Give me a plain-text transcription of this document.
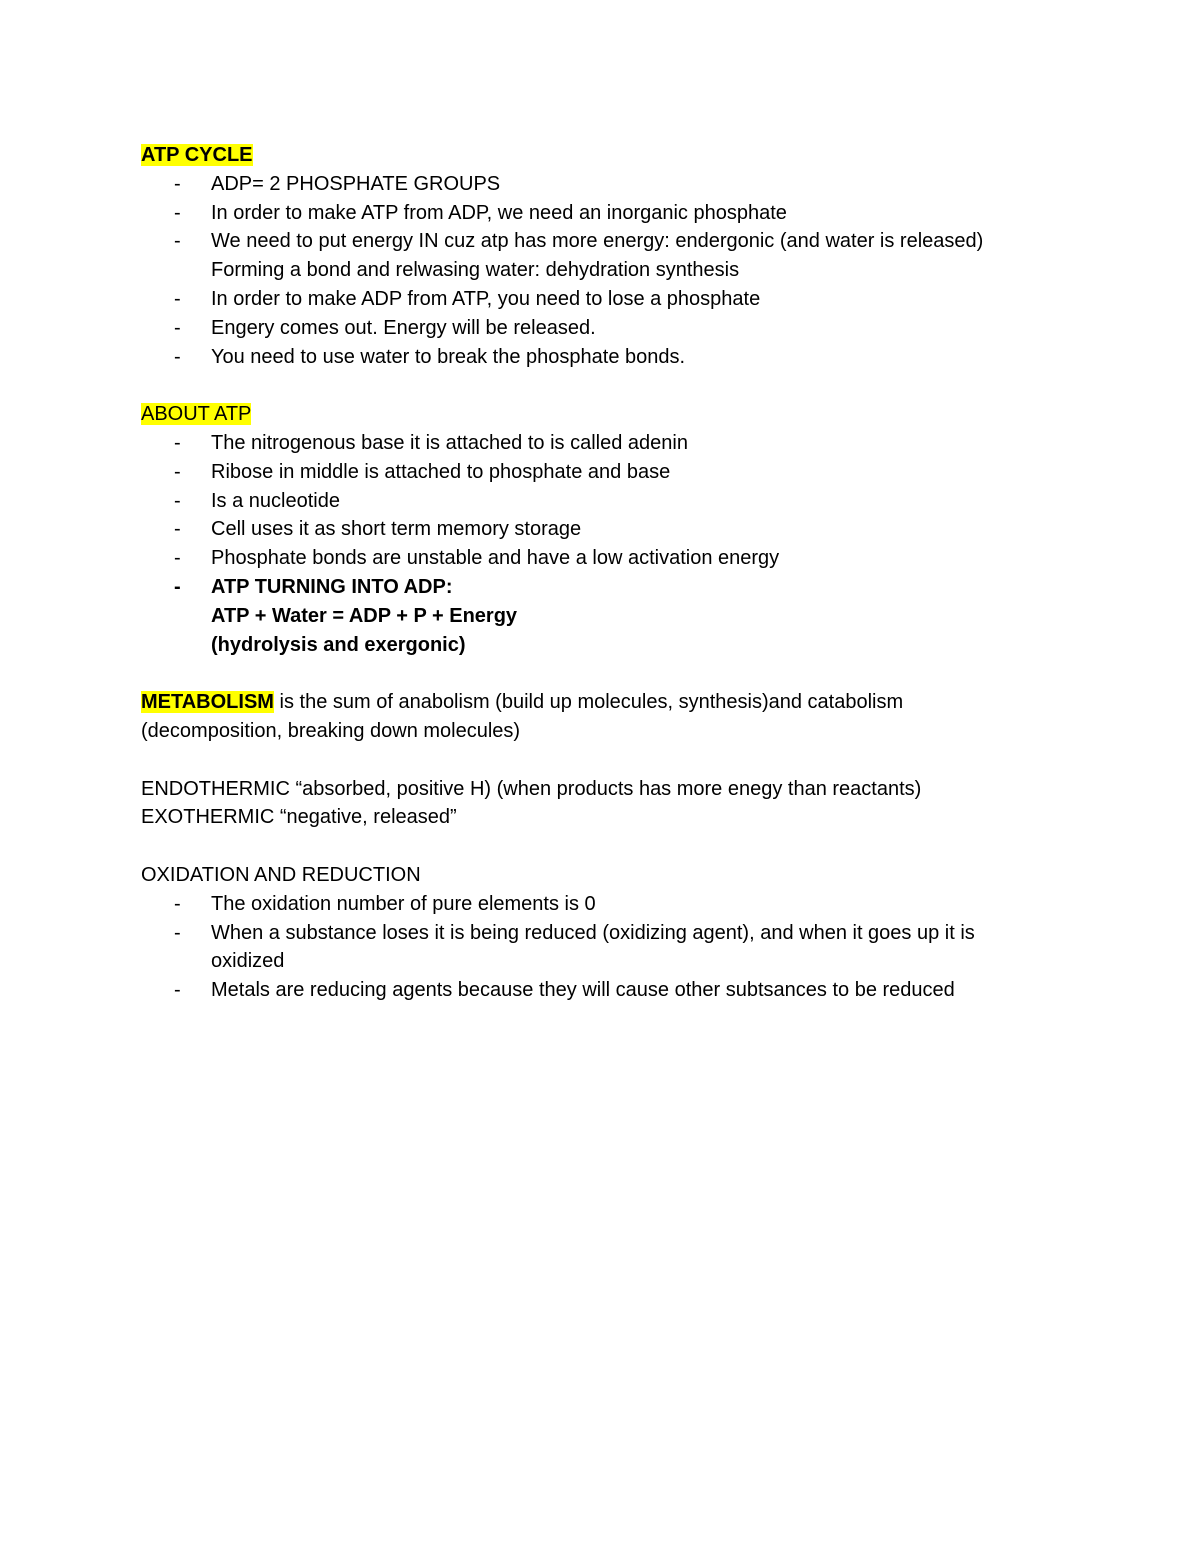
ATP CYCLE
- ADP= 2 PHOSPHATE GROUPS
- In order to make ATP from ADP, we need an inorganic phosphate
- We need to put energy IN cuz atp has more energy: endergonic (and water is released)
Forming a bond and relwasing water: dehydration synthesis
- In order to make ADP from ATP, you need to lose a phosphate
- Engery comes out. Energy will be released.
- You need to use water to break the phosphate bonds.
ABOUT ATP
- The nitrogenous base it is attached to is called adenin
- Ribose in middle is attached to phosphate and base
- Is a nucleotide
- Cell uses it as short term memory storage
- Phosphate bonds are unstable and have a low activation energy
- ATP TURNING INTO ADP:
ATP + Water = ADP + P + Energy
(hydrolysis and exergonic)
METABOLISM is the sum of anabolism (build up molecules, synthesis)and catabolism
(decomposition, breaking down molecules)
ENDOTHERMIC “absorbed, positive H) (when products has more enegy than reactants)
EXOTHERMIC “negative, released”
OXIDATION AND REDUCTION
- The oxidation number of pure elements is 0
- When a substance loses it is being reduced (oxidizing agent), and when it goes up it is
oxidized
- Metals are reducing agents because they will cause other subtsances to be reduced
